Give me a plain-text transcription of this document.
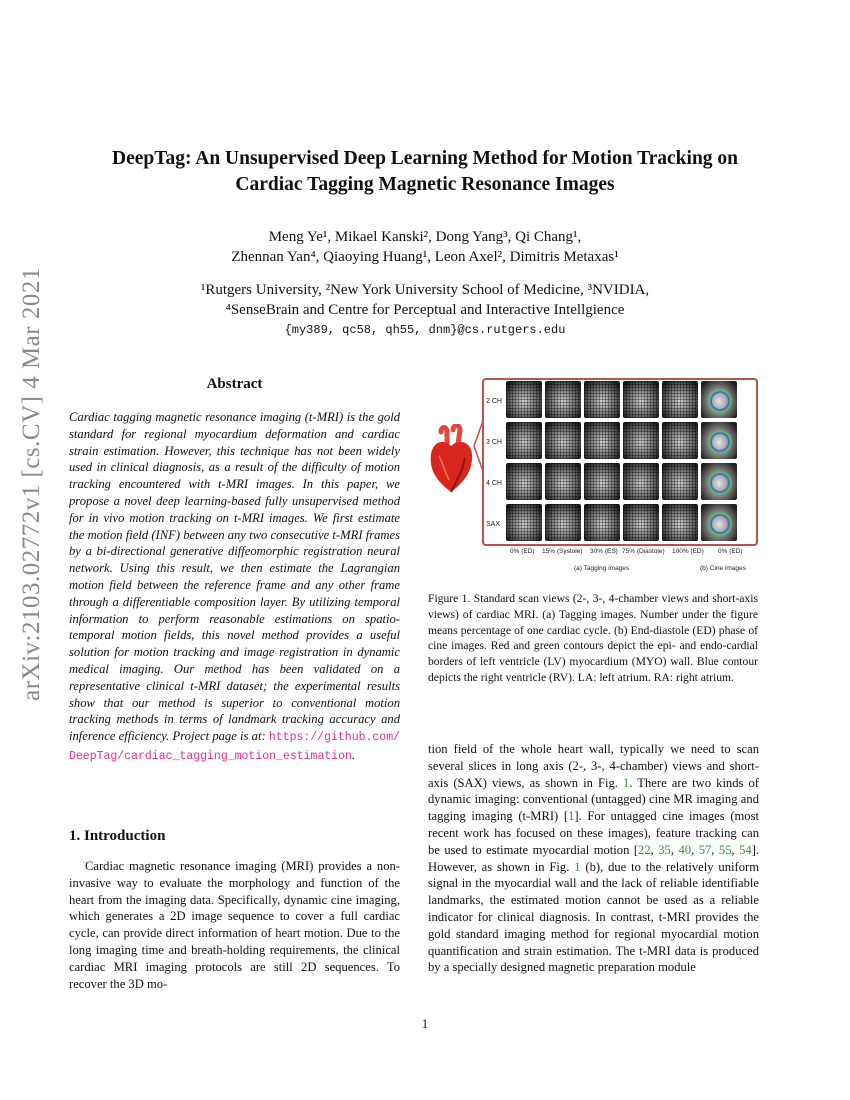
arXiv:2103.02772v1 [cs.CV] 4 Mar 2021
DeepTag: An Unsupervised Deep Learning Method for Motion Tracking on
Cardiac Tagging Magnetic Resonance Images
Meng Ye¹, Mikael Kanski², Dong Yang³, Qi Chang¹,
Zhennan Yan⁴, Qiaoying Huang¹, Leon Axel², Dimitris Metaxas¹
¹Rutgers University, ²New York University School of Medicine, ³NVIDIA,
⁴SenseBrain and Centre for Perceptual and Interactive Intellgience
{my389, qc58, qh55, dnm}@cs.rutgers.edu
Abstract

Cardiac tagging magnetic resonance imaging (t-MRI) is the gold standard for regional myocardium deformation and cardiac strain estimation. However, this technique has not been widely used in clinical diagnosis, as a result of the difficulty of motion tracking encountered with t-MRI images. In this paper, we propose a novel deep learning-based fully unsupervised method for in vivo motion tracking on t-MRI images. We first estimate the motion field (INF) between any two consecutive t-MRI frames by a bi-directional generative diffeomorphic registration neural network. Using this result, we then estimate the Lagrangian motion field between the reference frame and any other frame through a differentiable composition layer. By utilizing temporal information to perform reasonable estimations on spatio-temporal motion fields, this novel method provides a useful solution for motion tracking and image registration in dynamic medical imaging. Our method has been validated on a representative clinical t-MRI dataset; the experimental results show that our method is superior to conventional motion tracking methods in terms of landmark tracking accuracy and inference efficiency. Project page is at: https://github.com/DeepTag/cardiac_tagging_motion_estimation.

1. Introduction

Cardiac magnetic resonance imaging (MRI) provides a non-invasive way to evaluate the morphology and function of the heart from the imaging data. Specifically, dynamic cine imaging, which generates a 2D image sequence to cover a full cardiac cycle, can provide direct information of heart motion. Due to the long imaging time and breath-holding requirements, the clinical cardiac MRI imaging protocols are still 2D sequences. To recover the 3D mo-

2 CH
3 CH
4 CH
SAX
0% (ED) 15% (Systole) 30% (ES) 75% (Diastole) 100% (ED) 0% (ED)
(a) Tagging images	(b) Cine images

Figure 1. Standard scan views (2-, 3-, 4-chamber views and short-axis views) of cardiac MRI. (a) Tagging images. Number under the figure means percentage of one cardiac cycle. (b) End-diastole (ED) phase of cine images. Red and green contours depict the epi- and endo-cardial borders of left ventricle (LV) myocardium (MYO) wall. Blue contour depicts the right ventricle (RV). LA: left atrium. RA: right atrium.

tion field of the whole heart wall, typically we need to scan several slices in long axis (2-, 3-, 4-chamber) views and short-axis (SAX) views, as shown in Fig. 1. There are two kinds of dynamic imaging: conventional (untagged) cine MR imaging and tagging imaging (t-MRI) [1]. For untagged cine images (most recent work has focused on these images), feature tracking can be used to estimate myocardial motion [22, 35, 40, 57, 55, 54]. However, as shown in Fig. 1 (b), due to the relatively uniform signal in the myocardial wall and the lack of reliable identifiable landmarks, the estimated motion cannot be used as a reliable indicator for clinical diagnosis. In contrast, t-MRI provides the gold standard imaging method for regional myocardial motion quantification and strain estimation. The t-MRI data is produced by a specially designed magnetic preparation module

1
